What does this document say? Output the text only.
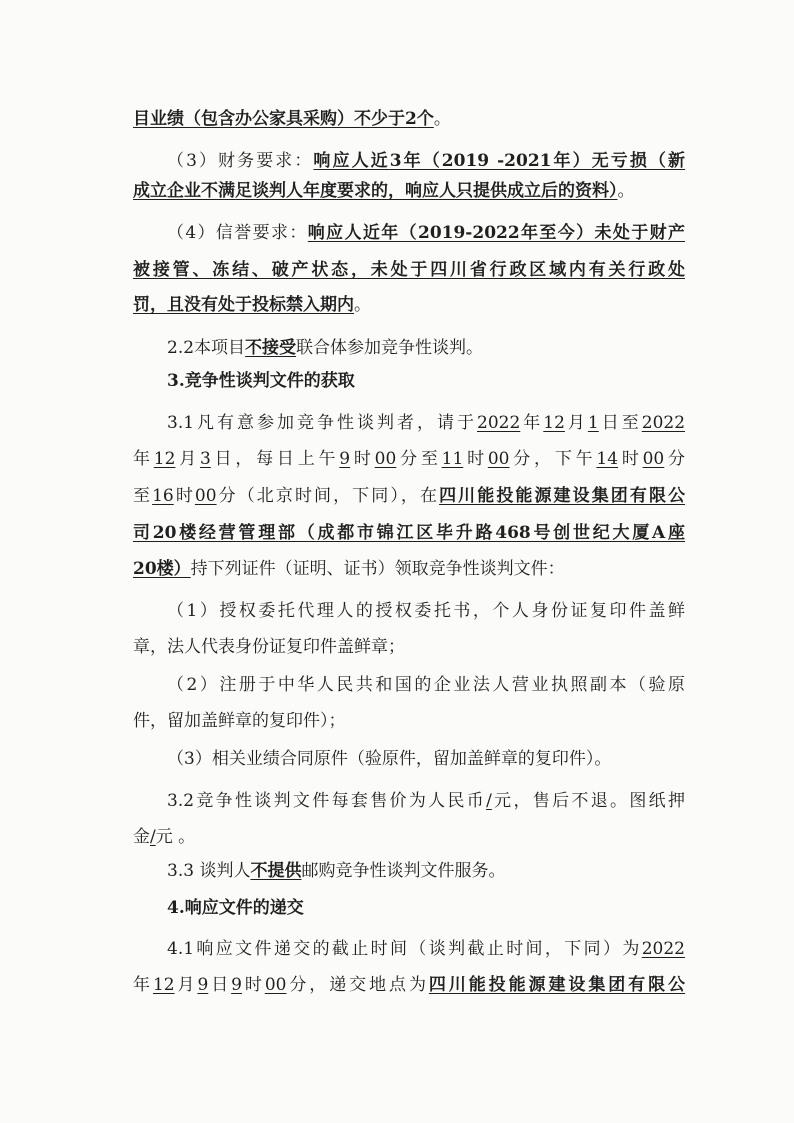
目业绩（包含办公家具采购）不少于2个。
（3）财务要求：响应人近3年（2019 -2021年）无亏损（新
成立企业不满足谈判人年度要求的，响应人只提供成立后的资料）。
（4）信誉要求：响应人近年（2019-2022年至今）未处于财产
被接管、冻结、破产状态，未处于四川省行政区域内有关行政处
罚，且没有处于投标禁入期内。
2.2本项目不接受联合体参加竞争性谈判。
3.竞争性谈判文件的获取
3.1凡有意参加竞争性谈判者，请于2022年12月1日至2022
年12月3日，每日上午9时00分至11时00分，下午14时00分
至16时00分（北京时间，下同），在四川能投能源建设集团有限公
司20楼经营管理部（成都市锦江区毕升路468号创世纪大厦A座
20楼）持下列证件（证明、证书）领取竞争性谈判文件：
（1）授权委托代理人的授权委托书，个人身份证复印件盖鲜
章，法人代表身份证复印件盖鲜章；
（2）注册于中华人民共和国的企业法人营业执照副本（验原
件，留加盖鲜章的复印件）；
（3）相关业绩合同原件（验原件，留加盖鲜章的复印件）。
3.2竞争性谈判文件每套售价为人民币/元，售后不退。图纸押
金/元 。
3.3 谈判人不提供邮购竞争性谈判文件服务。
4.响应文件的递交
4.1响应文件递交的截止时间（谈判截止时间，下同）为2022
年12月9日9时00分，递交地点为四川能投能源建设集团有限公
